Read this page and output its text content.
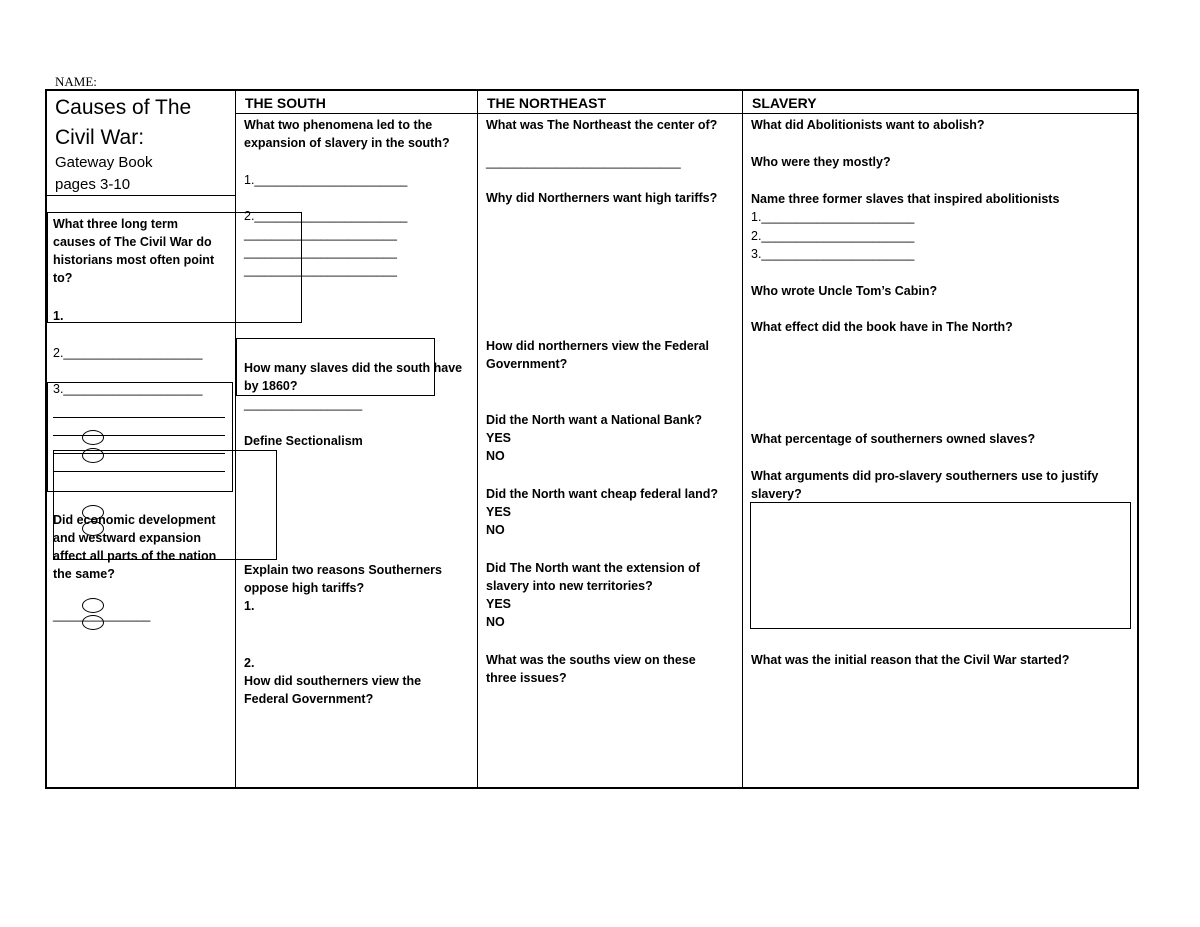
NAME:
Causes of The
Civil War:
Gateway Book
pages 3-10
THE SOUTH	THE NORTHEAST	SLAVERY
What three long term
causes of The Civil War do
historians most often point
to?
1.
2.____________________
3.____________________
Did economic development
and westward expansion
affect all parts of the nation
the same?
______________
What two phenomena led to the
expansion of slavery in the south?
1.______________________
2.______________________
______________________
______________________
______________________
How many slaves did the south have
by 1860?
_________________
Define Sectionalism
Explain two reasons Southerners
oppose high tariffs?
1.
2.
How did southerners view the
Federal Government?
What was The Northeast the center of?
____________________________
Why did Northerners want high tariffs?
How did northerners view the Federal
Government?
Did the North want a National Bank?
YES
NO
Did the North want cheap federal land?
YES
NO
Did The North want the extension of
slavery into new territories?
YES
NO
What was the souths view on these
three issues?
What did Abolitionists want to abolish?
Who were they mostly?
Name three former slaves that inspired abolitionists
1.______________________
2.______________________
3.______________________
Who wrote Uncle Tom’s Cabin?
What effect did the book have in The North?
What percentage of southerners owned slaves?
What arguments did pro-slavery southerners use to justify
slavery?
What was the initial reason that the Civil War started?
